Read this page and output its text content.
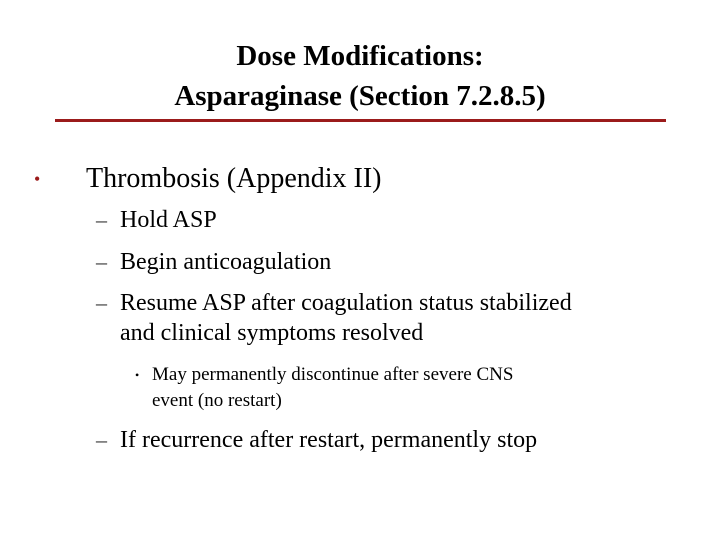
Dose Modifications:
Asparaginase (Section 7.2.8.5)
• Thrombosis (Appendix II)
– Hold ASP
– Begin anticoagulation
– Resume ASP after coagulation status stabilized
and clinical symptoms resolved
• May permanently discontinue after severe CNS
event (no restart)
– If recurrence after restart, permanently stop
